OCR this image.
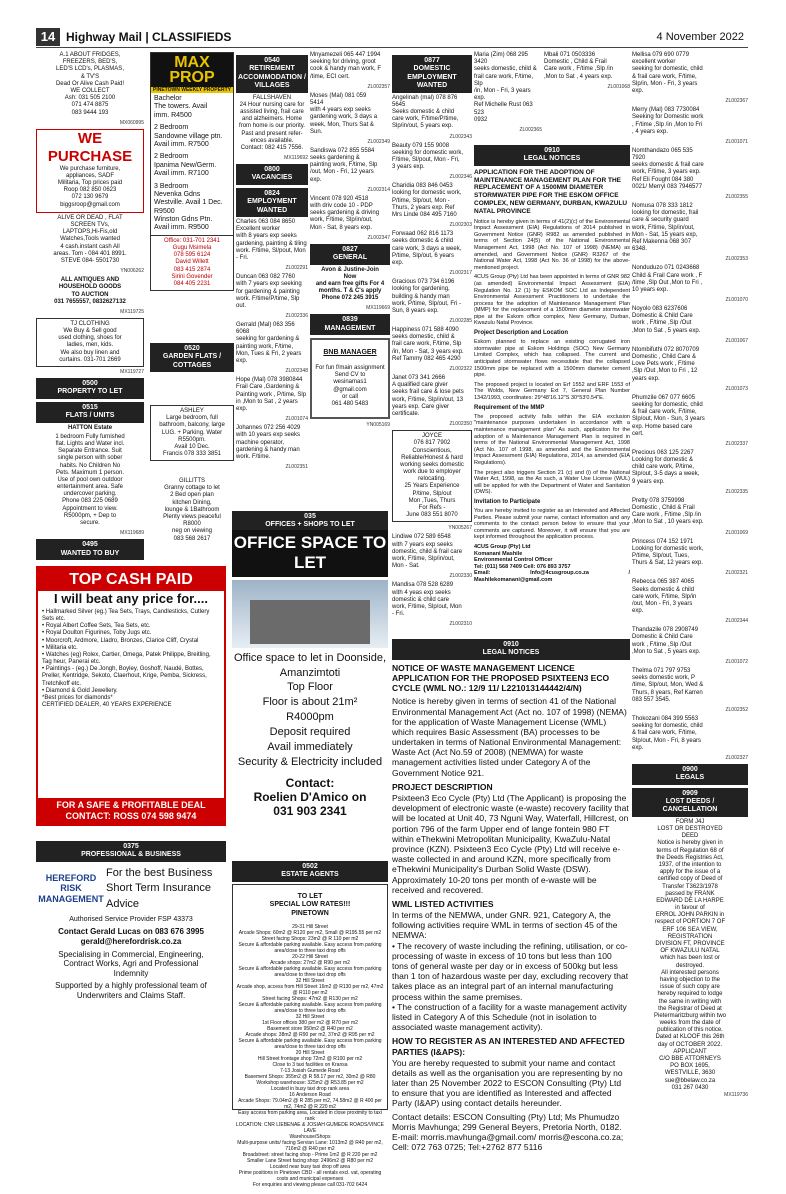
14 Highway Mail | CLASSIFIEDS	4 November 2022
A.1 ABOUT FRIDGES,
FREEZERS, BED'S,
LED'S LCD's, PLASMAS,
& TV'S
Dead Or Alive Cash Paid!
WE COLLECT
Ash: 031 505 2100
071 474 8875
083 9444 193
MX060995
WE PURCHASE
We purchase furniture,
appliances, SADF
Militaria, Top prices paid
Roop 082 850 0623
072 130 9679
biggsroop@gmail.com
ALIVE OR DEAD , FLAT
SCREEN TVs,
LAPTOPS,Hi-Fis,old
Watches,Tools wanted
4 cash.instant cash All
areas. Tom - 084 401 8991.
STEVE 084- 5501730
YN006262
ALL ANTIQUES AND
HOUSEHOLD GOODS
TO AUCTION
031 7655557, 0832627132
MX119725
TJ CLOTHING
We Buy & Sell good
used clothing, shoes for
ladies, men, kids.
We also buy linen and
curtains. 031-701 2669
MX119727
0500
PROPERTY TO LET
0515
FLATS / UNITS
HATTON Estate
1 bedroom Fully furnished
flat. Lights and Water incl.
Separate Entrance. Suit
single person with sober
habits. No Children No
Pets. Maximum 1 person.
Use of pool own outdoor
entertainment area. Safe
undercover parking.
Phone 083 225 0689
Appointment to view.
R5000pm, + Dep to
secure.
MX119689
0495
WANTED TO BUY
MAX PROP
PINETOWN WEEKLY PROPERTY
Bachelor
The towers. Avail
imm. R4500
2 Bedroom
Sandowne village ptn.
Avail imm. R7500
2 Bedroom
Ipanima New/Germ.
Avail imm. R7100
3 Bedroom
Nevenka Gdns
Westville. Avail 1 Dec.
R9500
Winston Gdns Ptn.
Avail imm. R9500
Office: 031-701 2341
Gugu Msimela
078 595 6124
David Willett
083 415 2874
Sirini Govender
084 405 2231
0520
GARDEN FLATS /
COTTAGES
ASHLEY
Large bedroom, full
bathroom, balcony, large
LUG. + Parking. Water
R5500pm.
Avail 10 Dec.
Francis 078 333 3851
GILLITTS
Granny cottage to let
2 Bed open plan
kitchen Dining,
lounge & 1Bathroom
Plenty views peaceful
R8000
neg on viewing
083 568 2617
0540
RETIREMENT
ACCOMMODATION /
VILLAGES
FALLSHAVEN
24 Hour nursing care for
assisted living, frail care
and alzheimers. Home
from home is our priority.
Past and present refer-
ences available.
Contact: 082 415 7556.
MX119692
0800
VACANCIES
0824
EMPLOYMENT WANTED
Charles 063 084 8650
Excellent worker
with 8 years exp seeks
gardening, painting & tiling
work. F/time, Sl/pout, Mon
- Fri.
ZL002291
Duncan 063 082 7760
with 7 years exp seeking
for gardening & painting
work. F/time/P/time, Slp
out.
ZL002336
Gerrald (Mal) 063 356
6068
seeking for gardening &
painting work, F/time,
Mon, Tues & Fri, 2 years
exp.
ZL002348
Hope (Mal) 078 3980844
Frail Care ,Gardening &
Painting work , P/time, Slp
in ,Mon to Sat , 2 years
exp.
ZL001074
Johannes 072 256 4029
with 10 years exp seeks
machine operator,
gardening & handy man
work. F/time.
ZL002351
Mnyamezeli 065 447 1994
seeking for driving, groot
cook & handy man work, F
/time, ECI cert.
ZL002357
Moses (Mal) 081 059
5414
with 4 years exp seeks
gardening work, 3 days a
week, Mon, Thurs Sat &
Sun.
ZL002349
Sandiswa 072 855 5584
seeks gardening &
painting work, F/time, Slp
/out, Mon - Fri, 12 years
exp.
ZL002314
Vincent 078 920 4518
with driv code 10 - PDP
seeks gardening & driving
work, F/time, Slp/in/out,
Mon - Sat, 8 years exp.
ZL002347
0827
GENERAL
Avon & Justine-Join
Now
and earn free gifts For 4
months. T & C's apply
Phone 072 245 3915
MX119669
0839
MANAGEMENT

BNB MANAGER

For fun f/main assignment
Send CV to
wesinamas1
@gmail.com
or call
061 480 5483

YN005169
035
OFFICES + SHOPS TO LET
OFFICE SPACE TO LET
Office space to let in Doonside,
Amanzimtoti
Top Floor
Floor is about 21m²
R4000pm
Deposit required
Avail immediately
Security & Electricity included
Contact:
Roelien D'Amico on
031 903 2341
0502
ESTATE AGENTS

TO LET
SPECIAL LOW RATES!!!
PINETOWN

29-31 Hill Street
Arcade Shops: 60m2 @ R120 per m2, Small @ R195.55 per m2
Street facing Shops: 23m2 @ R 110 per m2
Secure & affordable parking available. Easy access from parking area/close to three taxi drop offs
20-22 Hill Street
Arcade shops: 27m2 @ R90 per m2
Secure & affordable parking available. Easy access from parking area/close to three taxi drop offs
32 Hill Street
Arcade shop, access from Hill Street 16m2 @ R130 per m2, 47m2 @ R110 per m2
Street facing Shops: 47m2 @ R130 per m2
Secure & affordable parking available. Easy access from parking area/close to three taxi drop offs
32 Hill Street
1st Floor offices 380 per m2 @ R70 per m2
Basement store 950m2 @ R40 per m2
Arcade shops: 38m2 @ R90 per m2, 37m2 @ R95 per m2
Secure & affordable parking available. Easy access from parking area/close to three taxi drop offs
20 Hill Street
Hill Street frontage shop 72m2 @ R100 per m2
Close to 3 taxi facilities on Kransa
7-13 Josiah Gumede Road
Basement Shops: 355m2 @ R 58.17 per m2, 30m2 @ R80
Workshop warehouse: 325m2 @ R53.85 per m2
Located in busy taxi drop rank area
16 Anderson Road
Arcade Shops: 79.04m2 @ R 285 per m2, 74.58m2 @ R 400 per m2, 74m2 @ R 220 m2
Easy access from parking area, Located in close proximity to taxi rank
LOCATION: CNR LIEBENAE & JOSIAH GUMEDE ROADS/VINCE LAVE
Warehouse/Shops
Multi-purpose units/ facing Servian Lane: 1013m2 @ R40 per m2, 716m2 @ R40 per m2
Broadstreet: street facing shop - Prime 1m2 @ R 220 per m2
Smaller Lane Street facing shop: 2496m2 @ R80 per m2
Located near busy taxi drop off area
Prime positions in Pinetown CBD - all rentals excl. vat, operating costs and municipal expenses
For enquiries and viewing please call 031-702 6424

0877
DOMESTIC EMPLOYMENT
WANTED
Angelinah (mal) 078 876
5645
Seeks domestic & child
care work, F/time/P/time,
Slp/in/out, 5 years exp.
ZL002343
Beauty 079 155 9008
seeking for domestic work,
F/time, Sl/pout, Mon - Fri,
3 years exp.
ZL002346
Charidia 083 846 0453
looking for domestic work,
P/time, Slp/out, Mon -
Thurs, 2 years exp. Ref
Mrs Linde 084 495 7160
ZL002303
Forwaad 062 816 1173
seeks domestic & child
care work, 3 days a week,
P/time, Slp/out, 6 years
exp.
ZL002317
Gracious 073 734 6196
looking for gardening,
building & handy man
work, P/time, Slp/out, Fri -
Sun, 8 years exp.
ZL002285
Happiness 071 588 4090
seeks domestic, child &
frail care work, F/time, Slp
/in, Mon - Sat, 3 years exp.
Ref Tammy 082 465 4290
ZL002322
Janet 073 341 2666
A qualified care giver
seeks frail care & lose pets
work, F/time, Slp/in/out, 13
years exp. Care giver
certificate.
ZL002350
JOYCE
076 817 7902
Conscientious,
Reliable/Honest & hard
working seeks domestic
work due to employer
relocating.
25 Years Experience
P/time, Slp/out
Mon ,Tues, Thurs
For Refs -
June 083 551 8070
YN005267
Lindiwe 072 589 6548
with 7 years exp seeks
domestic, child & frail care
work, F/time, Slp/in/out,
Mon - Sat.
ZL002330
Mandisa 078 528 6289
with 4 yeas exp seeks
domestic & child care
work, F/time, Slp/out, Mon
- Fri.
ZL002310
Maria (Zim) 068 295 3420
seeks domestic, child &
frail care work, F/time, Slp
/in, Mon - Fri, 3 years exp.
Ref Michelle Rust 063 523
0932
ZL002365
Mbali 071 0503336
Domestic , Child & Frail
Care work , F/time ,Slp /in
,Mon to Sat , 4 years exp.
ZL001068
0910
LEGAL NOTICES
APPLICATION FOR THE ADOPTION OF MAINTENANCE MANAGEMENT PLAN FOR THE REPLACEMENT OF A 1500MM DIAMETER STORMWATER PIPE FOR THE ESKOM OFFICE COMPLEX, NEW GERMANY, DURBAN, KWAZULU NATAL PROVINCE

Notice is hereby given in terms of 41(2)(c) of the Environmental Impact Assessment (EIA) Regulations of 2014 published in Government Notice (GNR) R982 as amended published in terms of Section 24(5) of the National Environmental Management Act, 1998 (Act No. 107 of 1998) (NEMA) as amended, and Government Notice (GNR) R3267 of the National Water Act, 1998 (Act No. 36 of 1998) for the above-mentioned project.

4CUS Group (Pty) Ltd has been appointed in terms of GNR 982 (as amended) Environmental Impact Assessment (EIA) Regulation No. 12 (1) by ESKOM SOC Ltd as Independent Environmental Assessment Practitioners to undertake the process for the adoption of Maintenance Management Plan (MMP) for the replacement of a 1500mm diameter stormwater pipe at the Eskom office complex, New Germany, Durban, Kwazulu Natal Province.

Project Description and Location

Eskom planned to replace an existing corrugated iron stormwater pipe at Eskom Holdings (SOC) New Germany Limited Complex, which has collapsed. The current and anticipated stormwater flows necessitate that the collapsed 1500mm pipe be replaced with a 1500mm diameter cement pipe.

The proposed project is located on Erf 1552 and ERF 1553 of The Wolds, New Germany Ext 7, General Plan Number 1342/1993, coordinates: 29°48'16.12"S 30°53'0.54"E.

Requirement of the MMP

The proposed activity falls within the EIA exclusion "maintenance purposes undertaken in accordance with a maintenance management plan" As such, application for the adoption of a Maintenance Management Plan is required in terms of the National Environmental Management Act, 1998 (Act No. 107 of 1998, as amended and the Environmental Impact Assessment (EIA) Regulations, 2014, as amended (EIA Regulations).

The project also triggers Section 21 (c) and (i) of the National Water Act, 1998, as the As such, a Water Use License (WUL) will be applied for with the Department of Water and Sanitation (DWS).

Invitation to Participate

You are hereby invited to register as an Interested and Affected Parties. Please submit your name, contact information and any comments to the contact person below to ensure that your comments are captured. Moreover, it will ensure that you are kept informed throughout the application process.

4CUS Group (Pty) Ltd
Komanani Mashile
Environmental Control Officer
Tel: (011) 568 7409 Cell: 076 893 3757
Email: Info@4cusgroup.co.za / Mashilekomanani@gmail.com

0910
LEGAL NOTICES
NOTICE OF WASTE MANAGEMENT LICENCE APPLICATION FOR THE PROPOSED PSIXTEEN3 ECO CYCLE (WML NO.: 12/9 11/ L221013144442/4/N)

Notice is hereby given in terms of section 41 of the National Environmental Management Act (Act no. 107 of 1998) (NEMA) for the application of Waste Management License (WML) which requires Basic Assessment (BA) processes to be undertaken in terms of National Environmental Management: Waste Act (Act No.59 of 2008) (NEMWA) for waste management activities listed under Category A of the Government Notice 921.

PROJECT DESCRIPTION

Psixteen3 Eco Cycle (Pty) Ltd (The Applicant) is proposing the development of electronic waste (e-waste) recovery facility that will be located at Unit 40, 73 Nguni Way, Waterfall, Hillcrest, on portion 796 of the farm Upper end of lange fontein 980 FT within eThekwini Metropolitan Municipality, KwaZulu-Natal province (KZN). Psixteen3 Eco Cycle (Pty) Ltd will receive e-waste collected in and around KZN, more specifically from eThekwini Municipality's Durban Solid Waste (DSW). Approximately 10-20 tons per month of e-waste will be received and recovered.

WML LISTED ACTIVITIES

In terms of the NEMWA, under GNR. 921, Category A, the following activities require WML in terms of section 45 of the NEMWA:
• The recovery of waste including the refining, utilisation, or co-processing of waste in excess of 10 tons but less than 100 tons of general waste per day or in excess of 500kg but less than 1 ton of hazardous waste per day, excluding recovery that takes place as an integral part of an internal manufacturing process within the same premises.
• The construction of a facility for a waste management activity listed in Category A of this Schedule (not in isolation to associated waste management activity).

HOW TO REGISTER AS AN INTERESTED AND AFFECTED PARTIES (I&APS):

You are hereby requested to submit your name and contact details as well as the organisation you are representing by no later than 25 November 2022 to ESCON Consulting (Pty) Ltd to ensure that you are identified as Interested and affected Party (I&AP) using contact details hereunder.

Contact details: ESCON Consulting (Pty) Ltd; Ms Phumudzo Morris Mavhunga; 299 General Beyers, Pretoria North, 0182. E-mail: morris.mavhunga@gmail.com/ morris@escona.co.za; Cell: 072 763 0725; Tel:+2762 877 5116

Mellisa 079 690 0779
excellent worker
seeking for domestic, child
& frail care work, F/time,
Slp/in, Mon - Fri, 3 years
exp.
ZL002367
Merry (Mal) 083 7730084
Seeking for Domestic work
, F/time ,Slp /in ,Mon to Fri
, 4 years exp.
ZL001071
Nomthandazo 065 535
7920
seeks domestic & frail care
work, F/time, 3 years exp.
Ref Eli Fought 084 380
0021/ Merryl 083 7946577
ZL002355
Nomusa 078 333 1812
looking for domestic, frail
care & security guard
work, F/time, Slp/in/out,
Mon - Sat, 15 years exp,
Ref Makenna 068 307
6348.
ZL002353
Nonduduzo 071 0243668
Child & Frail Care work , F
/time ,Slp Out ,Mon to Fri ,
10 years exp.
ZL001070
Noyolo 083 6237606
Domestic & Child Care
work , F/time ,Slp /Out
,Mon to Sat , 5 years exp.
ZL001067
Ntombifuthi 072 8070709
Domestic , Child Care &
Love Pets work , F/time
,Slp /Out ,Mon to Fri , 12
years exp.
ZL001073
Phumzile 067 077 6605
seeking for domestic, child
& frail care work, F/time,
Slp/out, Mon - Sun, 3 years
exp. Home based care
cert.
ZL002337
Precious 063 125 2267
Looking for domestic &
child care work, P/time,
Slp/out, 3-5 days a week,
9 years exp.
ZL002335
Pretty 078 3759998
Domestic , Child & Frail
Care work , F/time ,Slp /in
,Mon to Sat , 10 years exp.
ZL001069
Princess 074 152 1971
Looking for domestic work,
P/time, Slp/out, Tues,
Thurs & Sat, 12 years exp.
ZL002321
Rebecca 065 387 4065
Seeks domestic & child
care work, F/time, Slp/in
/out, Mon - Fri, 3 years
exp.
ZL002344
Thandazile 078 2908749
Domestic & Child Care
work , F/time ,Slp /Out
,Mon to Sat , 5 years exp.
ZL001072
Thelma 071 797 9753
seeks domestic work, P
/time, Slp/out, Mon, Wed &
Thurs, 8 years, Ref Karren
083 557 3545.
ZL002352
Thokozani 084 399 5563
seeking for domestic, child
& frail care work, F/time,
Slp/out, Mon - Fri, 8 years
exp.
ZL002327
0900
LEGALS
0909
LOST DEEDS /
CANCELLATION
FORM J4J
LOST OR DESTROYED
DEED
Notice is hereby given in
terms of Regulation 68 of
the Deeds Registries Act,
1937, of the intention to
apply for the issue of a
certified copy of Deed of
Transfer T3623/1978
passed by FRANK
EDWARD DE LA HARPE
in favour of
ERROL JOHN PARKIN in
respect of PORTION 7 OF
ERF 106 SEA VIEW,
REGISTRATION
DIVISION FT, PROVINCE
OF KWAZULU NATAL
which has been lost or
destroyed.
All interested persons
having objection to the
issue of such copy are
hereby required to lodge
the same in writing with
the Registrar of Deed at
Pietermaritzburg within two
weeks from the date of
publication of this notice.
Dated at KLOOF this 26th
day of OCTOBER 2022.
APPLICANT
C/O BBE ATTORNEYS
PO BOX 1695,
WESTVILLE, 3630
sue@bbelaw.co.za
031 267 0430
MX119736
TOP CASH PAID
I will beat any price for....
• Hallmarked Silver (eg.) Tea Sets, Trays, Candlesticks, Cutlery Sets etc.
• Royal Albert Coffee Sets, Tea Sets, etc.
• Royal Doulton Figurines, Toby Jugs etc.
• Moorcroft, Ardmore, Lladro, Bronzes, Clarice Cliff, Crystal
• Militaria etc.
• Watches (eg) Rolex, Cartier, Omega, Patek Philippe, Breitling, Tag heur, Panerai etc.
• Paintings - (eg.) De Jongh, Boyley, Goshoff, Naudé, Bottes, Preller, Kentridge, Sekoto, Claerhout, Krige, Pemba, Sickress, Tretchikoff etc.
• Diamond & Gold Jewellery.
*Best prices for diamonds*
CERTIFIED DEALER, 40 YEARS EXPERIENCE
FOR A SAFE & PROFITABLE DEAL
CONTACT: ROSS 074 598 9474
0375
PROFESSIONAL & BUSINESS
HEREFORD
RISK MANAGEMENT
For the best Business
Short Term Insurance
Advice
Authorised Service Provider FSP 43373
Contact Gerald Lucas on 083 676 3995
gerald@herefordrisk.co.za
Specialising in Commercial, Engineering,
Contract Works, Agri and Professional
Indemnity
Supported by a highly professional team of
Underwriters and Claims Staff.
